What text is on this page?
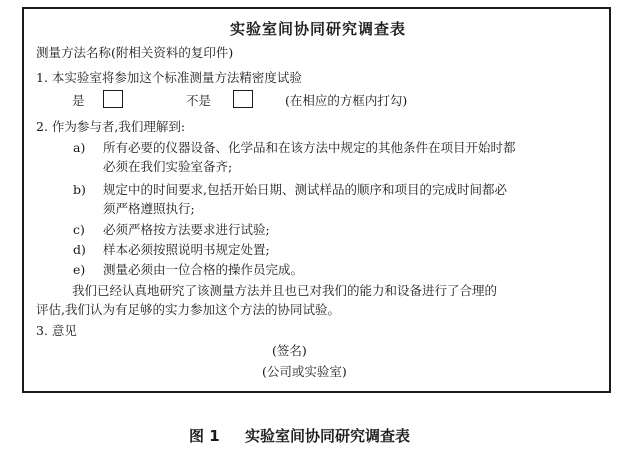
实验室间协同研究调查表
测量方法名称(附相关资料的复印件)
1. 本实验室将参加这个标准测量方法精密度试验
是	不是	(在相应的方框内打勾)
2. 作为参与者,我们理解到:
a) 所有必要的仪器设备、化学品和在该方法中规定的其他条件在项目开始时都
必须在我们实验室备齐;
b) 规定中的时间要求,包括开始日期、测试样品的顺序和项目的完成时间都必
须严格遵照执行;
c) 必须严格按方法要求进行试验;
d) 样本必须按照说明书规定处置;
e) 测量必须由一位合格的操作员完成。
我们已经认真地研究了该测量方法并且也已对我们的能力和设备进行了合理的
评估,我们认为有足够的实力参加这个方法的协同试验。
3. 意见
(签名)
(公司或实验室)
图 1 实验室间协同研究调查表
